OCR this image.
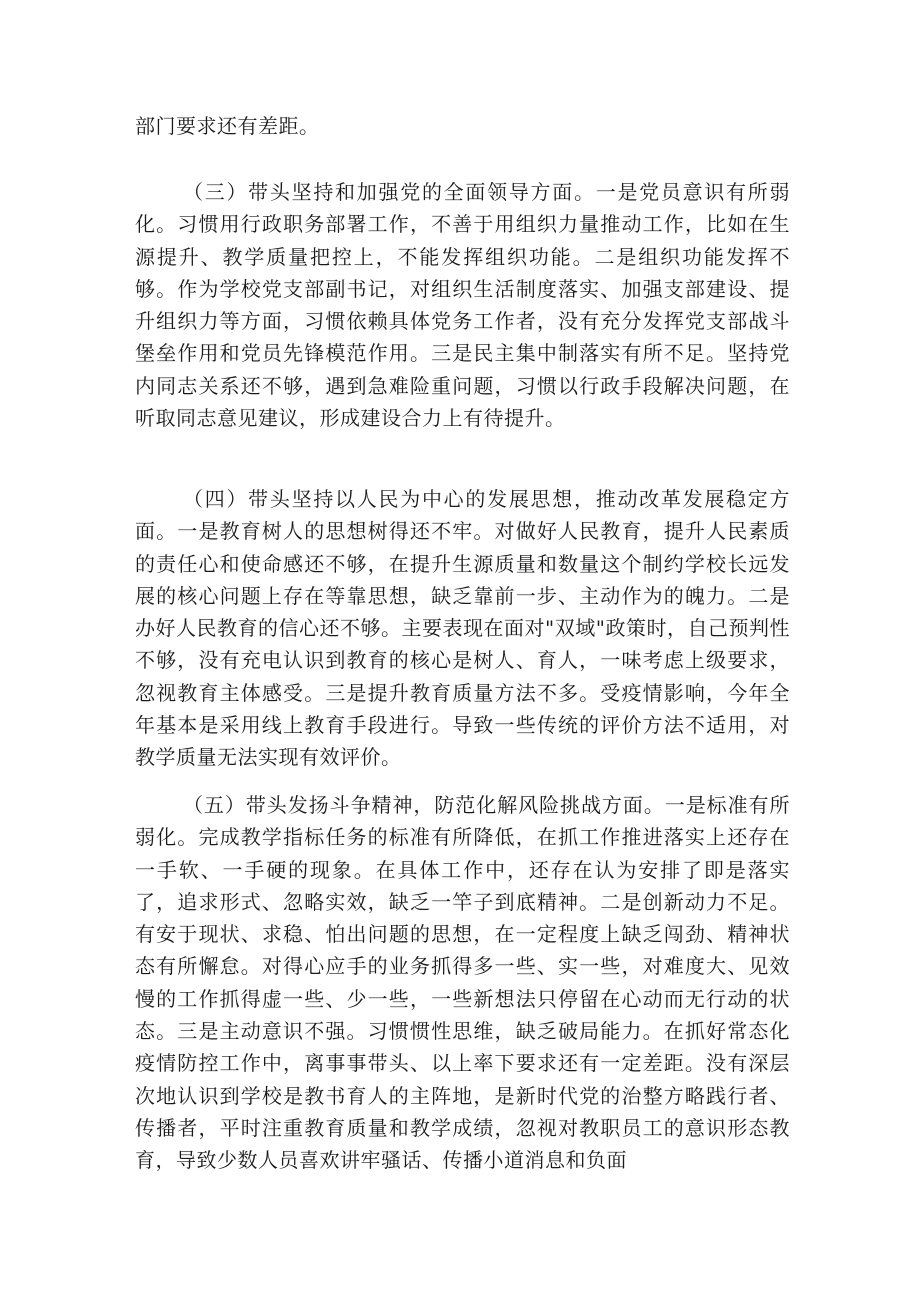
部门要求还有差距。

（三）带头坚持和加强党的全面领导方面。一是党员意识有所弱化。习惯用行政职务部署工作，不善于用组织力量推动工作，比如在生源提升、教学质量把控上，不能发挥组织功能。二是组织功能发挥不够。作为学校党支部副书记，对组织生活制度落实、加强支部建设、提升组织力等方面，习惯依赖具体党务工作者，没有充分发挥党支部战斗堡垒作用和党员先锋模范作用。三是民主集中制落实有所不足。坚持党内同志关系还不够，遇到急难险重问题，习惯以行政手段解决问题，在听取同志意见建议，形成建设合力上有待提升。

（四）带头坚持以人民为中心的发展思想，推动改革发展稳定方面。一是教育树人的思想树得还不牢。对做好人民教育，提升人民素质的责任心和使命感还不够，在提升生源质量和数量这个制约学校长远发展的核心问题上存在等靠思想，缺乏靠前一步、主动作为的魄力。二是办好人民教育的信心还不够。主要表现在面对"双域"政策时，自己预判性不够，没有充电认识到教育的核心是树人、育人，一味考虑上级要求，忽视教育主体感受。三是提升教育质量方法不多。受疫情影响，今年全年基本是采用线上教育手段进行。导致一些传统的评价方法不适用，对教学质量无法实现有效评价。

（五）带头发扬斗争精神，防范化解风险挑战方面。一是标准有所弱化。完成教学指标任务的标准有所降低，在抓工作推进落实上还存在一手软、一手硬的现象。在具体工作中，还存在认为安排了即是落实了，追求形式、忽略实效，缺乏一竿子到底精神。二是创新动力不足。有安于现状、求稳、怕出问题的思想，在一定程度上缺乏闯劲、精神状态有所懈怠。对得心应手的业务抓得多一些、实一些，对难度大、见效慢的工作抓得虚一些、少一些，一些新想法只停留在心动而无行动的状态。三是主动意识不强。习惯惯性思维，缺乏破局能力。在抓好常态化疫情防控工作中，离事事带头、以上率下要求还有一定差距。没有深层次地认识到学校是教书育人的主阵地，是新时代党的治整方略践行者、传播者，平时注重教育质量和教学成绩，忽视对教职员工的意识形态教育，导致少数人员喜欢讲牢骚话、传播小道消息和负面
